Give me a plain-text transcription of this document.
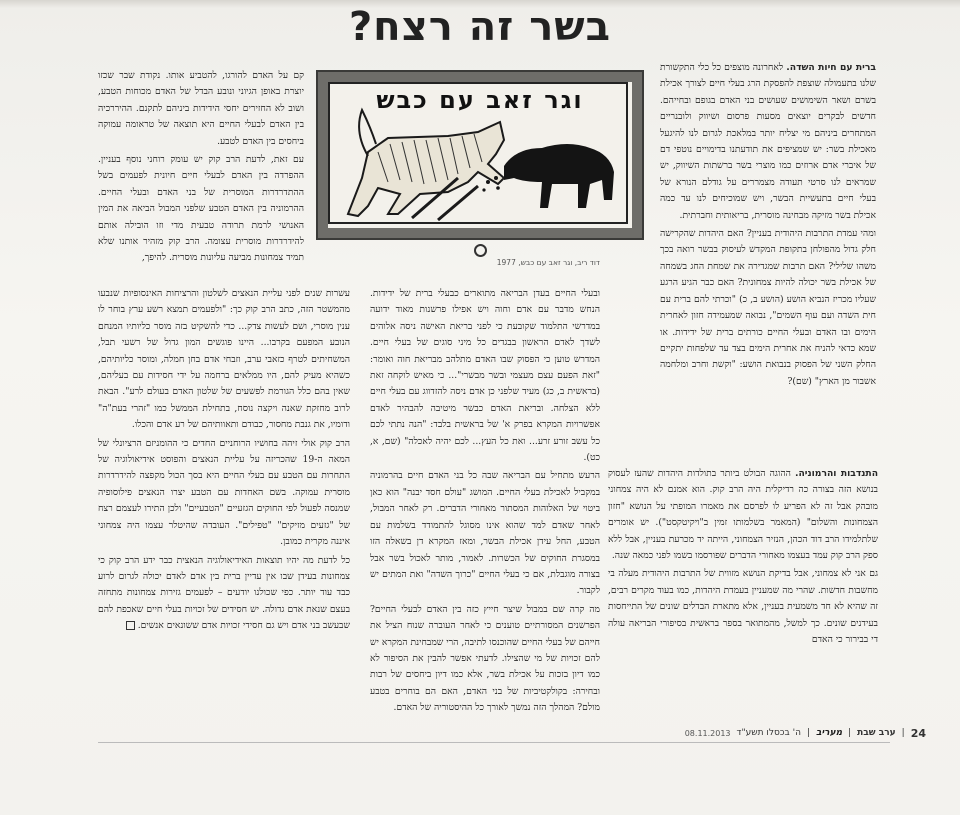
בשר זה רצח?

ברית עם חיות השדה. לאחרונה מוצפים כל כלי התקשורת שלנו בתעמולה שוצפת להפסקת הרג בעלי חיים לצורך אכילת בשרם ושאר השימושים שעושים בני האדם בגופם ובחייהם. חדשים לבקרים יוצאים מסעות פרסום ושיווק ולובנריים המתחרים ביניהם מי יצליח יותר במלאכת לגרום לנו להיגעל מאכילת בשר: יש שמציפים את תודעתנו בדימויים נוטפי דם של איברי אדם ארוזים כמו מוצרי בשר ברשתות השיווק, יש שמראים לנו סרטי תעודה מצמררים על גודלם הנורא של בעלי חיים בתעשיית הבשר, ויש שמוכיחים לנו עד כמה אכילת בשר מזיקה מבחינה מוסרית, בריאותית וחברתית.

ומהי עמדת התרבות היהודית בעניין? האם היהדות שהקרישה חלק גדול מהפולחן בתקופת המקדש לעיסוק בבשר רואה בכך משהו שלילי? האם תרבות שמגדירה את שמחת החג בשמחה של אכילת בשר יכולה להיות צמחונית? האם כבר הגיע הרגע שעליו מכריז הנביא הושע (הושע ב, כ) "וכרתי להם ברית עם חית השדה ועם עוף השמים", נבואה שמעמידה חזון לאחרית הימים ובו האדם ובעלי החיים כורתים ברית של ידידות. או שמא כדאי להניח את אחרית הימים בצד עד שלפחות יתקיים החלק השני של הפסוק בנבואת הושע: "וקשת וחרב ומלחמה אשבור מן הארץ" (שם)?

התנדבות והרמוניה. ההוגה הבולט ביותר בתולדות היהדות שהעז לעסוק בנושא הזה בצורה כה רדיקלית היה הרב קוק. הוא אמנם לא היה צמחוני מובהק אבל זה לא הפריע לו לפרסם את מאמרו המופתי על הנושא "חזון הצמחונות והשלום" (המאמר בשלמותו זמין ב"ויקיטקסט"). יש אומרים שלתלמידו הרב דוד הכהן, הנזיר הצמחוני, הייתה יד מכרעת בעניין, אבל ללא ספק הרב קוק עמד בעצמו מאחורי הדברים שפורסמו בשמו לפני כמאה שנה.

גם אני לא צמחוני, אבל בדיקת הנושא מזווית של התרבות היהודית מעלה בי מחשבות חדשות. שהרי מה שמעניין בעמדת היהדות, כמו בעוד מקרים רבים, זה שהיא לא חד משמעית בעניין, אלא מתארת הבדלים שונים של התייחסות בעידנים שונים. כך למשל, מהמתואר בספר בראשית בסיפורי הבריאה עולה די בבירור כי האדם

וגר זאב עם כבש
דוד ריב, וגר זאב עם כבש, 1977

ובעלי החיים בעדן הבריאה מתוארים כבעלי ברית של ידידות. הנחש מדבר עם אדם וחוה ויש אפילו פרשנות מאוד ידועה במדרשי התלמוד שקובעת כי לפני בריאת האישה ניסה אלוהים לשדך לאדם הראשון בבגדים כל מיני סוגים של בעלי חיים. המדרש טוען כי הפסוק שבו האדם מתלהב מבריאת חוה ואומר: "זאת הפעם עצם מעצמי ובשר מבשרי"... כי מאיש לוקחה זאת (בראשית ב, כג) מעיד שלפני כן אדם ניסה להזדווג עם בעלי חיים ללא הצלחה. ובריאת האדם כבשר מיטיבה להבהיר לאדם אפשרויות המקרא בפרק א' של בראשית בלבד: "הנה נתתי לכם כל עשב זורע זרע... ואת כל העץ... לכם יהיה לאכלה" (שם, א, כט).

הרעש מתחיל עם הבריאה שבה כל בני האדם חיים בהרמוניה במקביל לאכילת בעלי החיים. המושג "עולם חסד יבנה" הוא כאן ביטוי של האלוהות המסתור מאחורי הדברים. רק לאחר המבול, לאחר שאדם למד שהוא אינו מסוגל להתמודד בשלמות עם הטבע, החל עידן אכילת הבשר, ומאז המקרא דן בשאלה הזו במסגרת החוקים של הכשרות. לאמור, מותר לאכול בשר אבל בצורה מוגבלת, אם כי בעלי החיים "כרוך השדה" ואת המתים יש לקבור.

מה קרה שם במבול שיצר חייץ כזה בין האדם לבעלי החיים? הפרשנים המסורתיים טוענים כי לאחר העוברה שנוח הציל את חייהם של בעלי החיים שהוכנסו לתיבה, הרי שמבחינת המקרא יש להם זכויות של מי שהצילו. לדעתי אפשר להבין את הסיפור לא כמו דיון בזכות על אכילת בשר, אלא כמו דיון ביחסים של רבות ובחירה: בקולקטיביות של בני האדם, האם הם בוחרים בטבע מולם? המהלך הזה נמשך לאורך כל ההיסטוריה של האדם.

קם על האדם להורגו, להטביע אותו. נקודת שבר שכזו יוצרת באופן הגיוני ונובע הבדל של האדם מכוחות הטבע, ושוב לא החזירים יחסי הידידות ביניהם לתקנם. ההיררכיה בין האדם לבעלי החיים היא תוצאה של טראומה עמוקה ביחסים בין האדם לטבע.

עם זאת, לדעת הרב קוק יש עומק רוחני נוסף בעניין. ההפרדה בין האדם לבעלי חיים חיונית לפעמים בשל ההתדרדרות המוסרית של בני האדם ובעלי החיים. ההרמוניה בין האדם הטבע שלפני המבול הביאה את המין האנושי לרמת תרודה טבעית מדי וזו הובילה אותם להידרדרות מוסרית עצומה. הרב קוק מזהיר אותנו שלא תמיד צמחונות מביעה עליונות מוסרית. להיפך,

עשרות שנים לפני עליית הנאצים לשלטון והרציחות האינסופיות שנבעו מהמשטר הזה, כתב הרב קוק כך: "ולפעמים תמצא רשע ערץ בוחר לו ענין מוסרי, ושם לעשות צדק... כדי להשקיט בזה מוסר כליותיו המנחם הנובע המפעם בקרבו... היינו פוגשים המון גדול של רשעי תבל, המשחיתים לטרף כזאבי ערב, וזבחי אדם בחן חמלה, ומוסר כליותיהם, כשהיא מעיק להם, היו ממלאים ברחמה על ידי חסידות עם בעליהם, שאין בהם כלל הגורמת לפשעים של שלטון האדם בעולם לרע". הבאת לרוב מחזקת שאנה ויקצה נוסח, בתחילת הממשל כמו "זהרי בעת"ה" ודומיו, את גנבת מחסור, כבודם ותאוותיהם של רע אדם והכלו.

הרב קוק אולי זיהה בחושיו הרוחניים החדים כי ההומניזם הרציונלי של המאה ה-19 שהכריזה על עליית הנאצים והפוסט אידיאולוגיה של התחרות עם הטבע עם בעלי החיים היא בסך הכול מקפצה להידרדרות מוסרית עמוקה. בשם האחדות עם הטבע יצרו הנאצים פילוסופיה שמנסה לפעול לפי החוקים הגזעיים "הטבעיים" ולכן התירו לעצמם רצח של "גזעים מזיקים" "טפילים". העובדה שהיטלר עצמו היה צמחוני איננה מקרית כמובן.

כל לדעת מה יהיו תוצאות האידיאולוגיה הנאצית כבר ידע הרב קוק כי צמחונות בעידן שבו אין עדיין ברית בין אדם לאדם יכולה לגרום לרוע כבד עוד יותר. כפי שכולנו יודעים – לפעמים גזירות צמחונות מתחזה בעצם שנאת אדם גדולה. יש חסידים של זכויות בעלי חיים שאכפת להם שבעשב בני אדם ויש גם חסידי זכויות אדם ששונאים אנשים.

24
|
ערב שבת
|
מעריב
|
ה' בכסלו תשע"ד
08.11.2013
